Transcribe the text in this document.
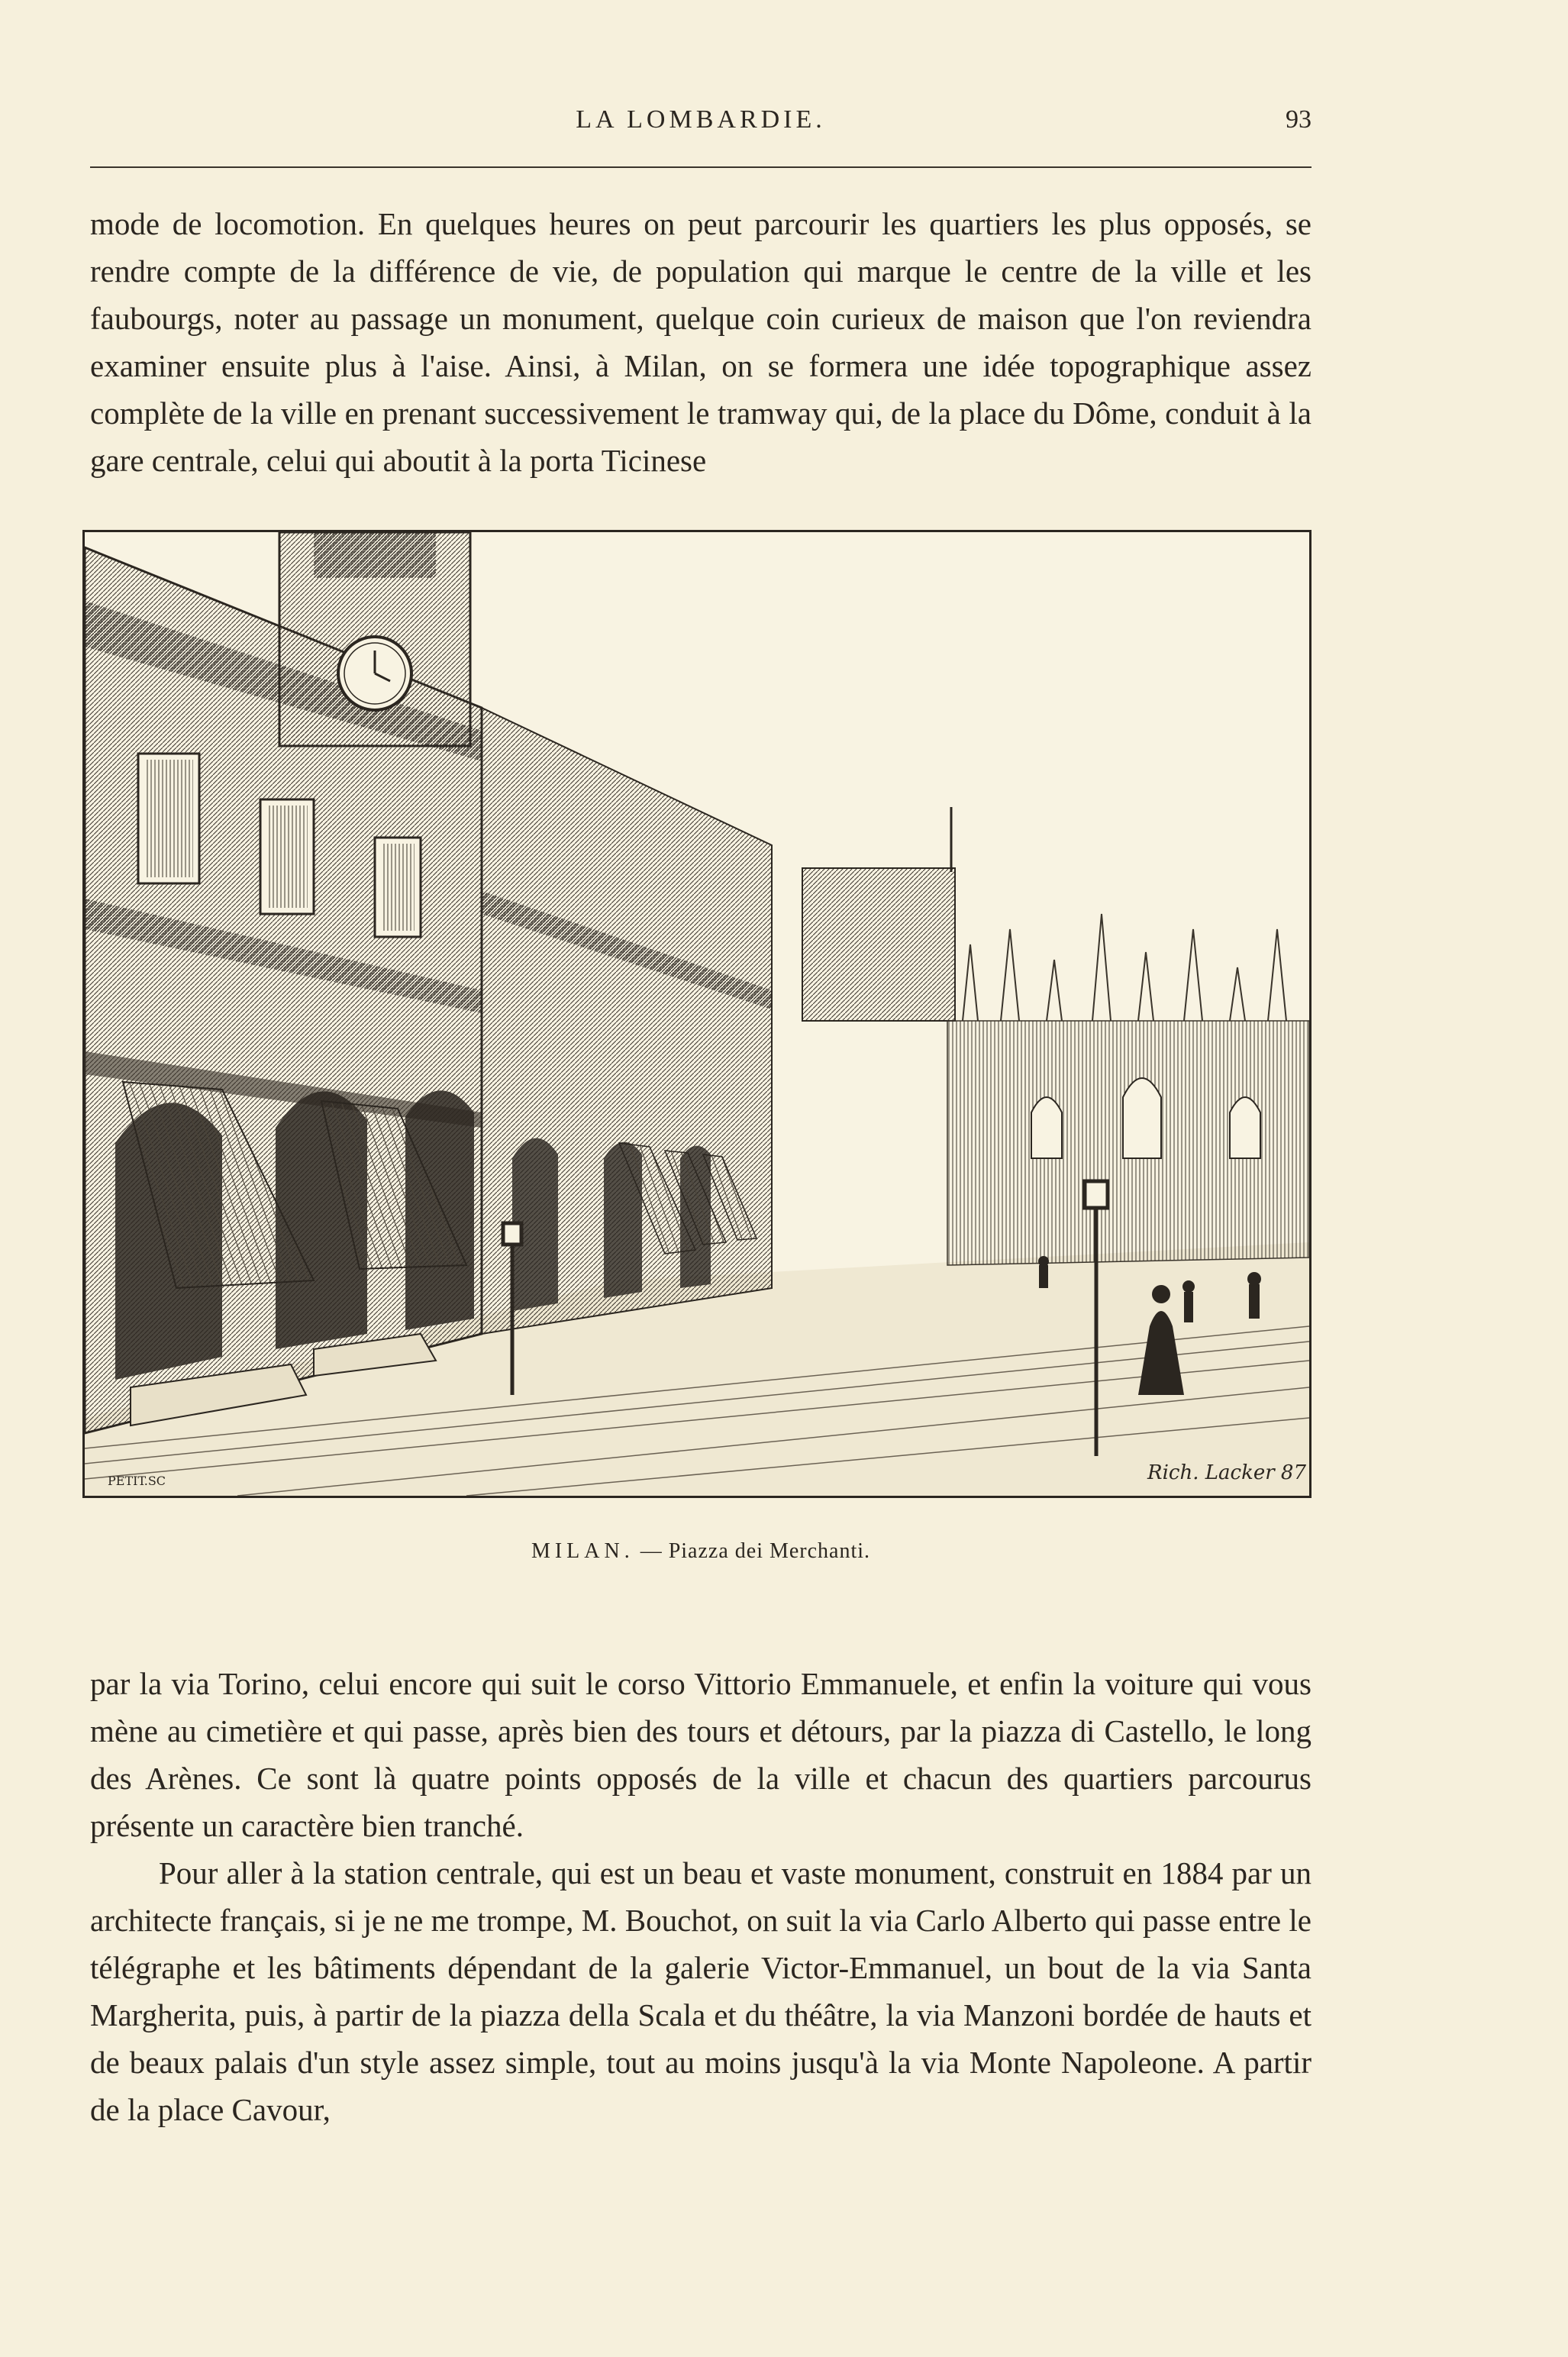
LA LOMBARDIE.	93

mode de locomotion. En quelques heures on peut parcourir les quartiers les plus opposés, se rendre compte de la différence de vie, de population qui marque le centre de la ville et les faubourgs, noter au passage un monument, quelque coin curieux de maison que l'on reviendra examiner ensuite plus à l'aise. Ainsi, à Milan, on se formera une idée topographique assez complète de la ville en prenant successivement le tramway qui, de la place du Dôme, conduit à la gare centrale, celui qui aboutit à la porta Ticinese

Rich. Lacker 87
PETIT.SC
MILAN. — Piazza dei Merchanti.

par la via Torino, celui encore qui suit le corso Vittorio Emmanuele, et enfin la voiture qui vous mène au cimetière et qui passe, après bien des tours et détours, par la piazza di Castello, le long des Arènes. Ce sont là quatre points opposés de la ville et chacun des quartiers parcourus présente un caractère bien tranché.

Pour aller à la station centrale, qui est un beau et vaste monument, construit en 1884 par un architecte français, si je ne me trompe, M. Bouchot, on suit la via Carlo Alberto qui passe entre le télégraphe et les bâtiments dépendant de la galerie Victor-Emmanuel, un bout de la via Santa Margherita, puis, à partir de la piazza della Scala et du théâtre, la via Manzoni bordée de hauts et de beaux palais d'un style assez simple, tout au moins jusqu'à la via Monte Napoleone. A partir de la place Cavour,
